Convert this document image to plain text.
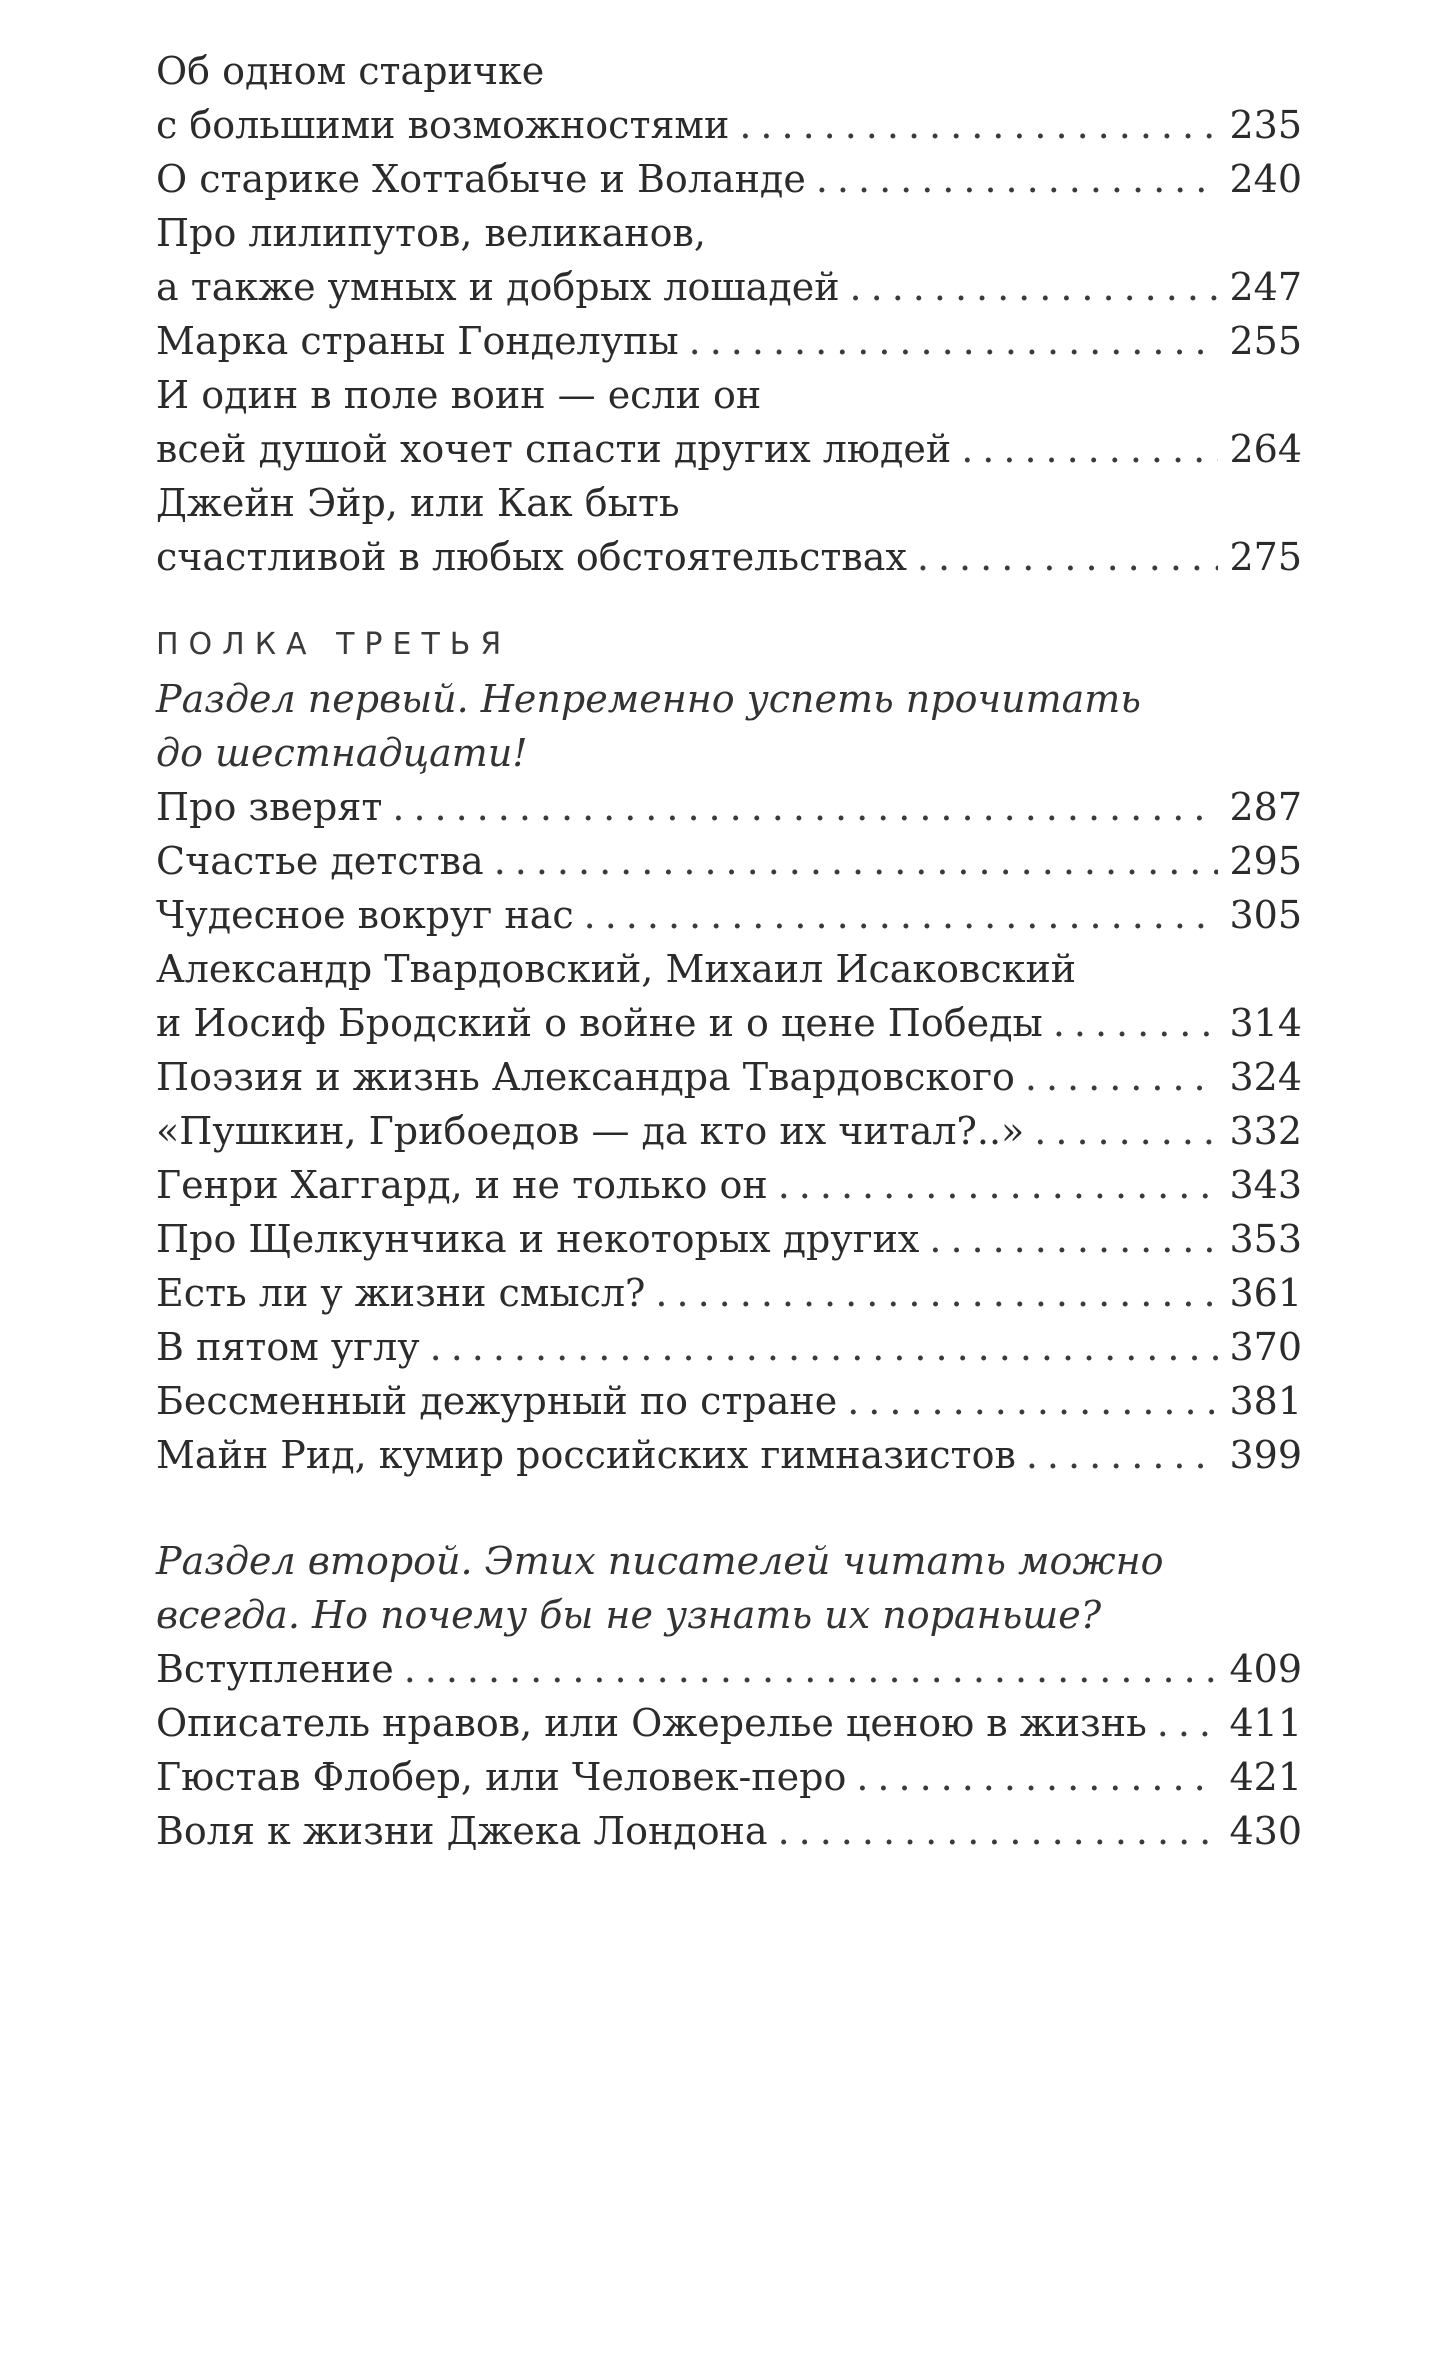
Об одном старичке
с большими возможностями .....	235
О старике Хоттабыче и Воланде .....	240
Про лилипутов, великанов,
а также умных и добрых лошадей .....	247
Марка страны Гонделупы .....	255
И один в поле воин — если он
всей душой хочет спасти других людей .....	264
Джейн Эйр, или Как быть
счастливой в любых обстоятельствах .....	275
ПОЛКА ТРЕТЬЯ
Раздел первый. Непременно успеть прочитать
до шестнадцати!
Про зверят .....	287
Счастье детства .....	295
Чудесное вокруг нас .....	305
Александр Твардовский, Михаил Исаковский
и Иосиф Бродский о войне и о цене Победы .....	314
Поэзия и жизнь Александра Твардовского .....	324
«Пушкин, Грибоедов — да кто их читал?..» .....	332
Генри Хаггард, и не только он .....	343
Про Щелкунчика и некоторых других .....	353
Есть ли у жизни смысл? .....	361
В пятом углу .....	370
Бессменный дежурный по стране .....	381
Майн Рид, кумир российских гимназистов .....	399
Раздел второй. Этих писателей читать можно
всегда. Но почему бы не узнать их пораньше?
Вступление .....	409
Описатель нравов, или Ожерелье ценою в жизнь ..... 411
Гюстав Флобер, или Человек-перо .....	421
Воля к жизни Джека Лондона .....	430
